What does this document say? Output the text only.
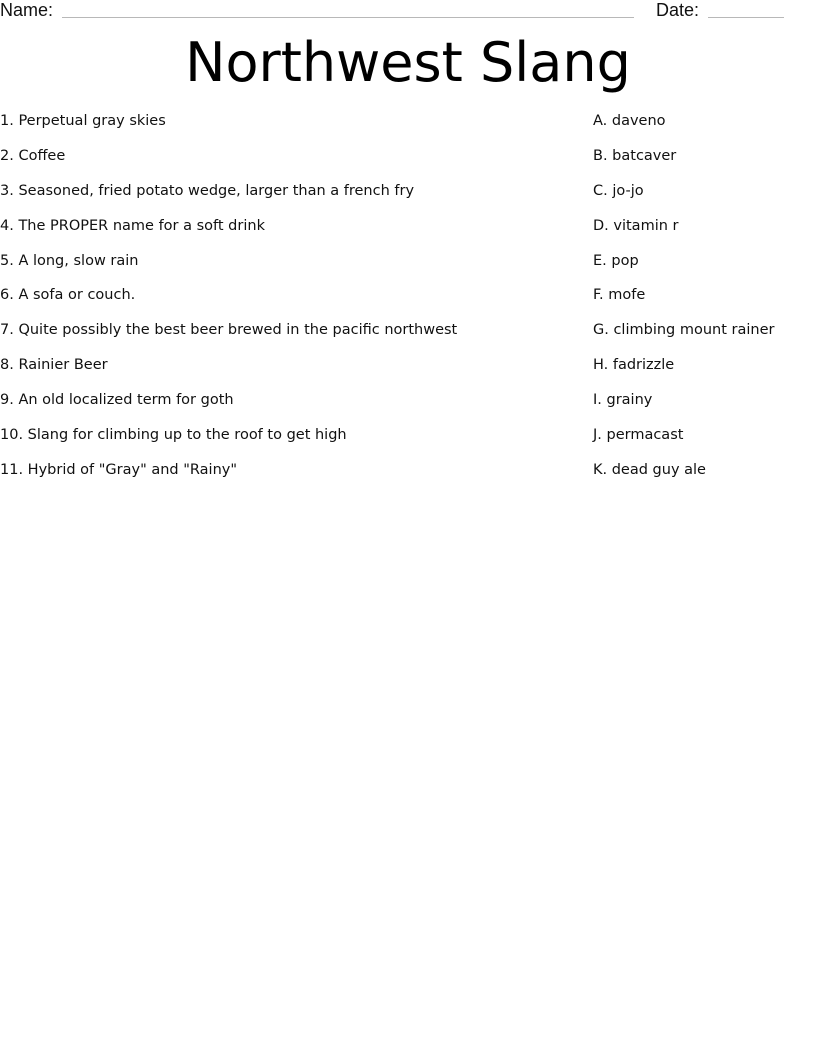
Name:	Date:
Northwest Slang
1. Perpetual gray skies
2. Coffee
3. Seasoned, fried potato wedge, larger than a french fry
4. The PROPER name for a soft drink
5. A long, slow rain
6. A sofa or couch.
7. Quite possibly the best beer brewed in the pacific northwest
8. Rainier Beer
9. An old localized term for goth
10. Slang for climbing up to the roof to get high
11. Hybrid of "Gray" and "Rainy"
A. daveno
B. batcaver
C. jo-jo
D. vitamin r
E. pop
F. mofe
G. climbing mount rainer
H. fadrizzle
I. grainy
J. permacast
K. dead guy ale
